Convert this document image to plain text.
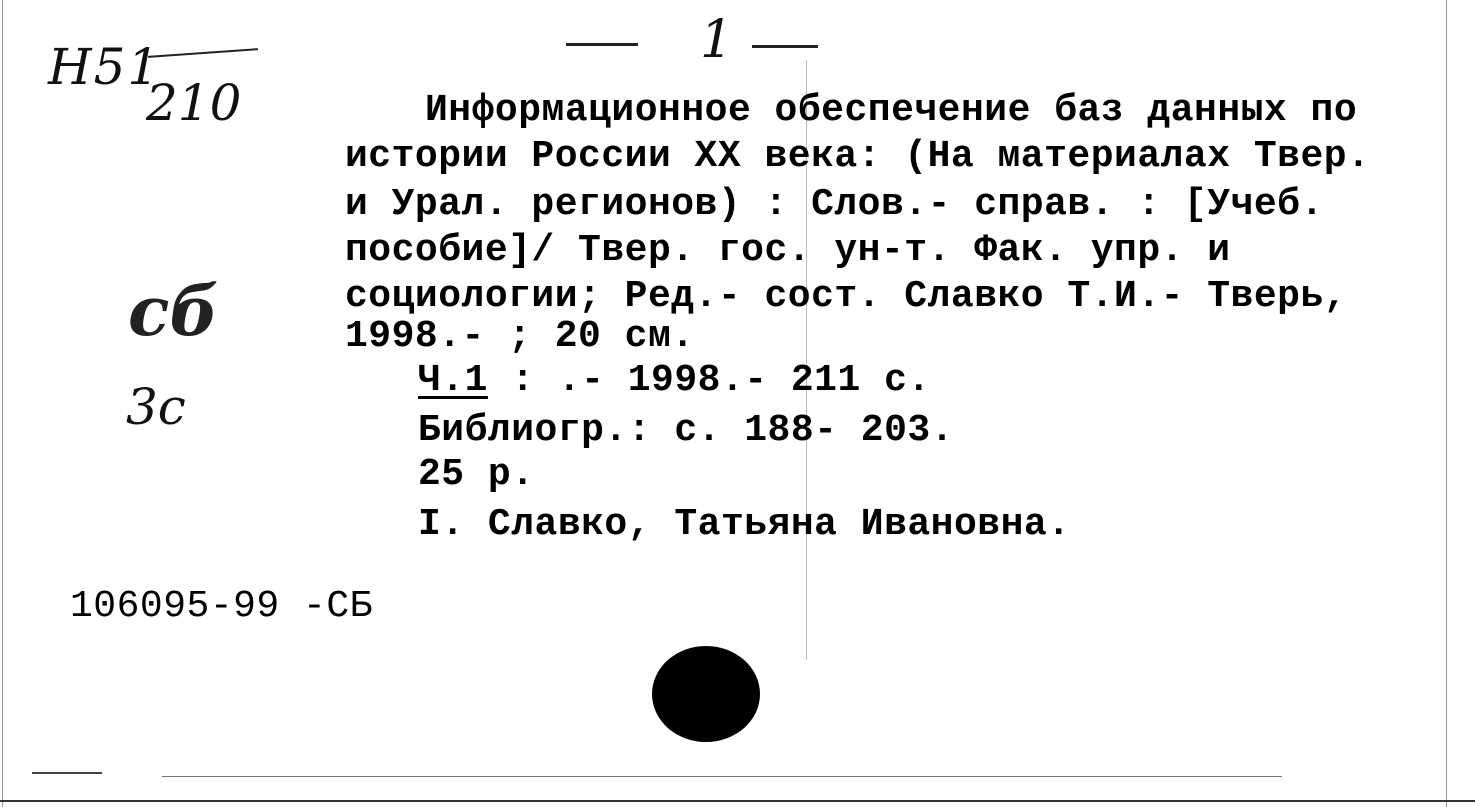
1
Н51
210
сб
3с
Информационное обеспечение баз данных по
истории России XX века: (На материалах Твер.
и Урал. регионов) : Слов.- справ. : [Учеб.
пособие]/ Твер. гос. ун-т. Фак. упр. и
социологии; Ред.- сост. Славко Т.И.- Тверь,
1998.- ; 20 см.
Ч.1 : .- 1998.- 211 с.
Библиогр.: с. 188- 203.
25 р.
I. Славко, Татьяна Ивановна.
106095-99 -СБ
